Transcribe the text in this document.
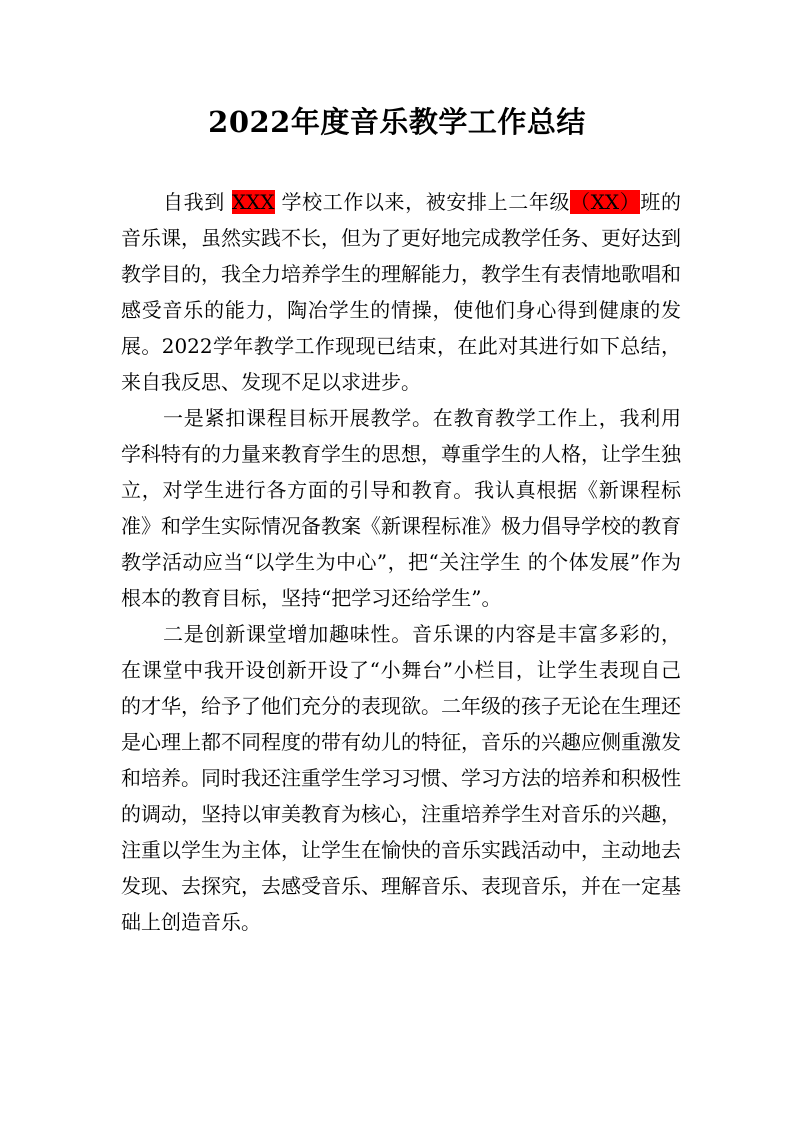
2022年度音乐教学工作总结

自我到 XXX 学校工作以来，被安排上二年级（XX）班的音乐课，虽然实践不长，但为了更好地完成教学任务、更好达到教学目的，我全力培养学生的理解能力，教学生有表情地歌唱和感受音乐的能力，陶冶学生的情操，使他们身心得到健康的发展。2022学年教学工作现现已结束，在此对其进行如下总结，来自我反思、发现不足以求进步。

一是紧扣课程目标开展教学。在教育教学工作上，我利用学科特有的力量来教育学生的思想，尊重学生的人格，让学生独立，对学生进行各方面的引导和教育。我认真根据《新课程标准》和学生实际情况备教案《新课程标准》极力倡导学校的教育教学活动应当“以学生为中心”，把“关注学生 的个体发展”作为根本的教育目标，坚持“把学习还给学生”。

二是创新课堂增加趣味性。音乐课的内容是丰富多彩的，在课堂中我开设创新开设了“小舞台”小栏目，让学生表现自己的才华，给予了他们充分的表现欲。二年级的孩子无论在生理还是心理上都不同程度的带有幼儿的特征，音乐的兴趣应侧重激发和培养。同时我还注重学生学习习惯、学习方法的培养和积极性的调动，坚持以审美教育为核心，注重培养学生对音乐的兴趣，注重以学生为主体，让学生在愉快的音乐实践活动中，主动地去发现、去探究，去感受音乐、理解音乐、表现音乐，并在一定基础上创造音乐。
